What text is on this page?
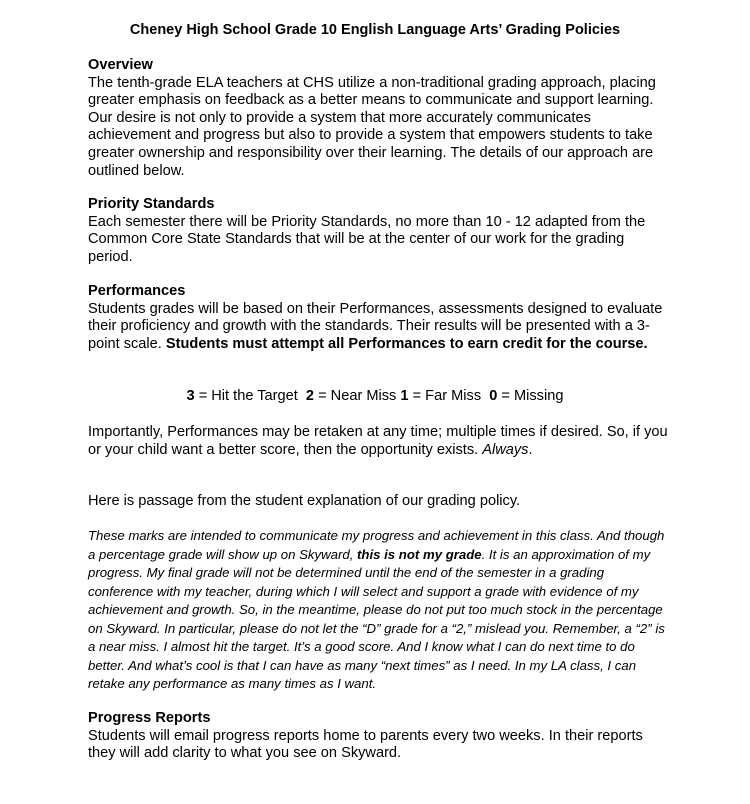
Cheney High School Grade 10 English Language Arts’ Grading Policies
Overview
The tenth-grade ELA teachers at CHS utilize a non-traditional grading approach, placing greater emphasis on feedback as a better means to communicate and support learning. Our desire is not only to provide a system that more accurately communicates achievement and progress but also to provide a system that empowers students to take greater ownership and responsibility over their learning. The details of our approach are outlined below.
Priority Standards
Each semester there will be Priority Standards, no more than 10 - 12 adapted from the Common Core State Standards that will be at the center of our work for the grading period.
Performances
Students grades will be based on their Performances, assessments designed to evaluate their proficiency and growth with the standards. Their results will be presented with a 3-point scale. Students must attempt all Performances to earn credit for the course.
3 = Hit the Target  2 = Near Miss 1 = Far Miss  0 = Missing
Importantly, Performances may be retaken at any time; multiple times if desired. So, if you or your child want a better score, then the opportunity exists. Always.
Here is passage from the student explanation of our grading policy.
These marks are intended to communicate my progress and achievement in this class. And though a percentage grade will show up on Skyward, this is not my grade. It is an approximation of my progress. My final grade will not be determined until the end of the semester in a grading conference with my teacher, during which I will select and support a grade with evidence of my achievement and growth. So, in the meantime, please do not put too much stock in the percentage on Skyward. In particular, please do not let the “D” grade for a “2,” mislead you. Remember, a “2” is a near miss. I almost hit the target. It’s a good score. And I know what I can do next time to do better. And what’s cool is that I can have as many “next times” as I need. In my LA class, I can retake any performance as many times as I want.
Progress Reports
Students will email progress reports home to parents every two weeks. In their reports they will add clarity to what you see on Skyward.
